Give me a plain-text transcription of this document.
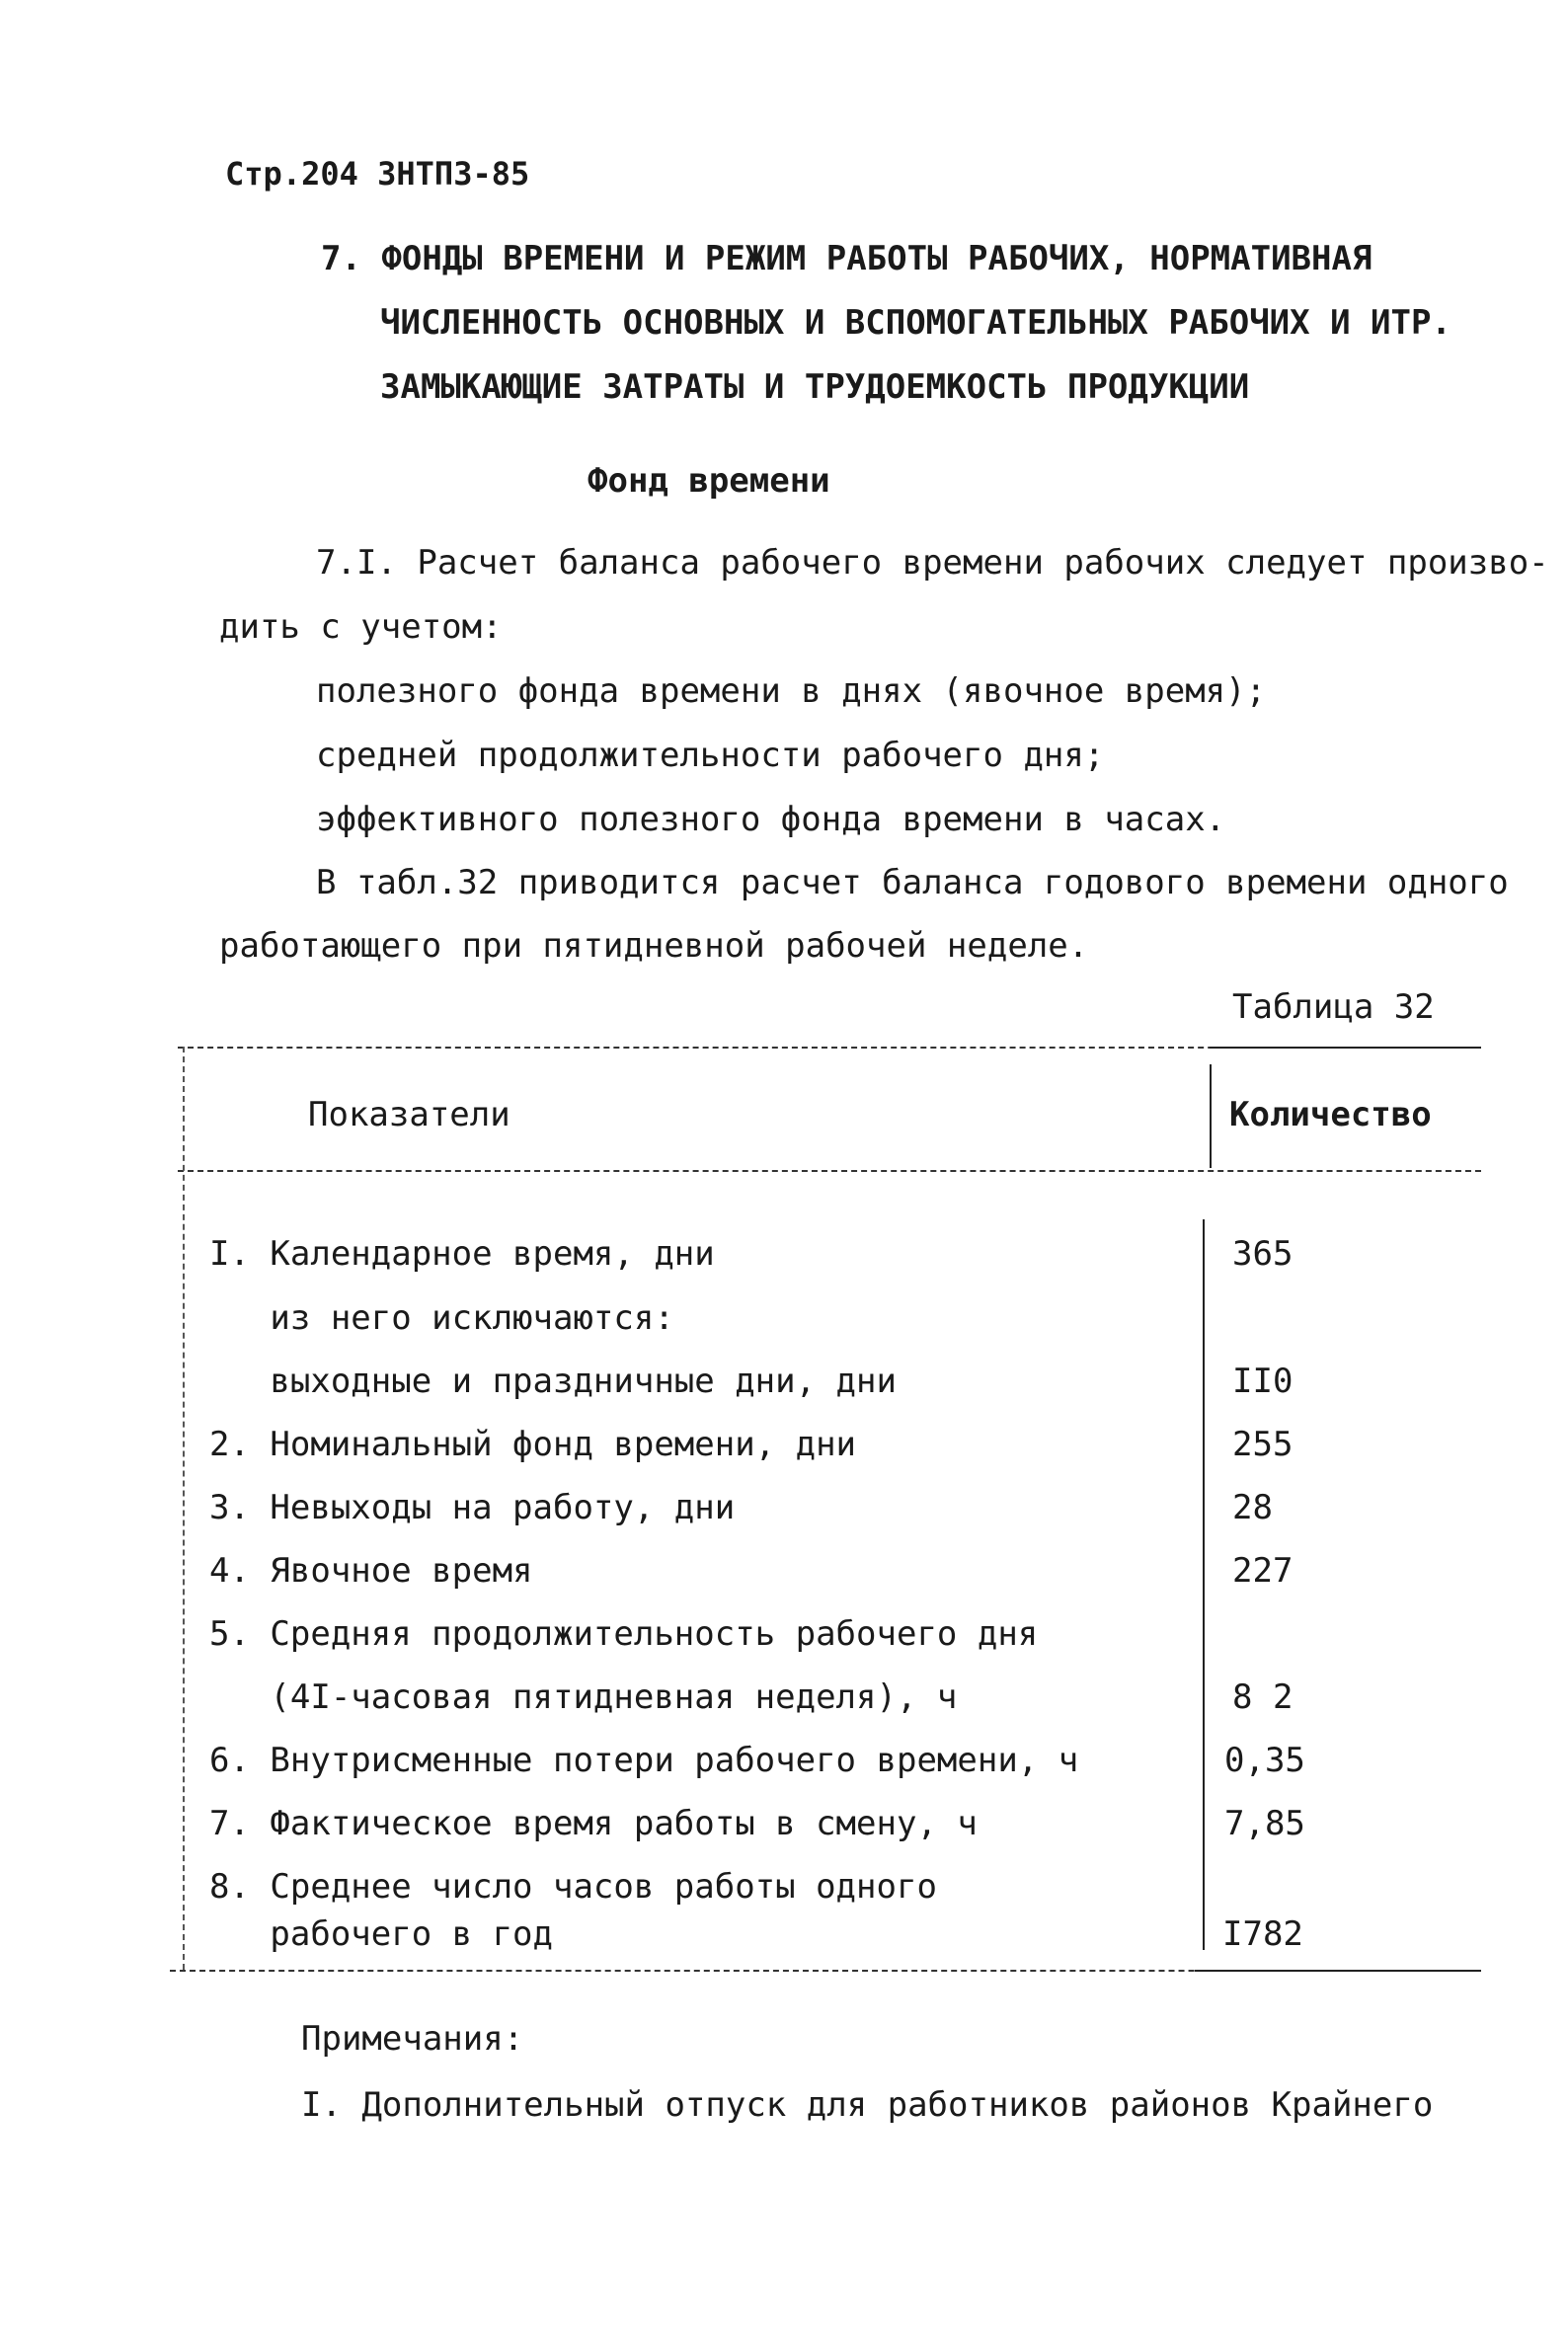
Стр.204 ЗНТПЗ-85
7. ФОНДЫ ВРЕМЕНИ И РЕЖИМ РАБОТЫ РАБОЧИХ, НОРМАТИВНАЯ
ЧИСЛЕННОСТЬ ОСНОВНЫХ И ВСПОМОГАТЕЛЬНЫХ РАБОЧИХ И ИТР.
ЗАМЫКАЮЩИЕ ЗАТРАТЫ И ТРУДОЕМКОСТЬ ПРОДУКЦИИ
Фонд времени
7.I. Расчет баланса рабочего времени рабочих следует произво-
дить с учетом:
полезного фонда времени в днях (явочное время);
средней продолжительности рабочего дня;
эффективного полезного фонда времени в часах.
В табл.32 приводится расчет баланса годового времени одного
работающего при пятидневной рабочей неделе.
Таблица 32
Показатели	Количество
I. Календарное время, дни	365
из него исключаются:
выходные и праздничные дни, дни	II0
2. Номинальный фонд времени, дни	255
3. Невыходы на работу, дни	28
4. Явочное время	227
5. Средняя продолжительность рабочего дня
(4I-часовая пятидневная неделя), ч	8 2
6. Внутрисменные потери рабочего времени, ч	0,35
7. Фактическое время работы в смену, ч	7,85
8. Среднее число часов работы одного
рабочего в год	I782
Примечания:
I. Дополнительный отпуск для работников районов Крайнего
